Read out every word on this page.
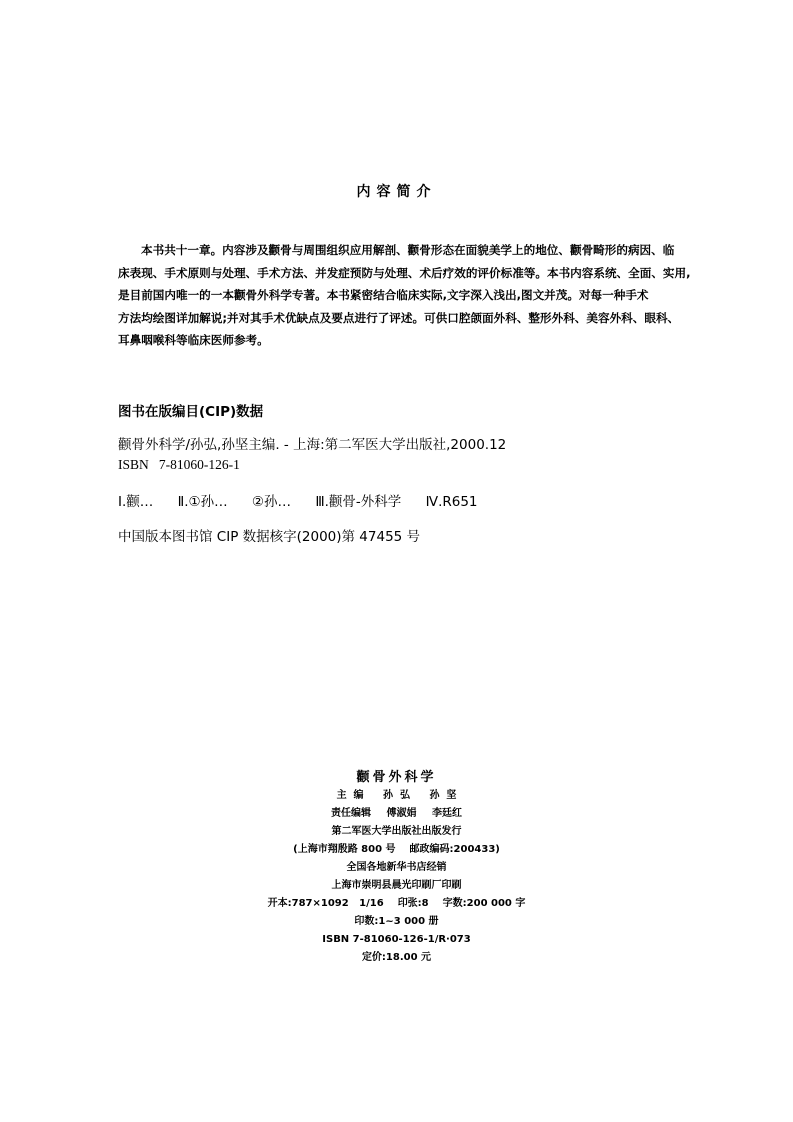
内容简介
本书共十一章。内容涉及颧骨与周围组织应用解剖、颧骨形态在面貌美学上的地位、颧骨畸形的病因、临
床表现、手术原则与处理、手术方法、并发症预防与处理、术后疗效的评价标准等。本书内容系统、全面、实用,
是目前国内唯一的一本颧骨外科学专著。本书紧密结合临床实际,文字深入浅出,图文并茂。对每一种手术
方法均绘图详加解说;并对其手术优缺点及要点进行了评述。可供口腔颌面外科、整形外科、美容外科、眼科、
耳鼻咽喉科等临床医师参考。
图书在版编目(CIP)数据
颧骨外科学/孙弘,孙坚主编. - 上海:第二军医大学出版社,2000.12
ISBN   7-81060-126-1
Ⅰ.颧… Ⅱ.①孙… ②孙… Ⅲ.颧骨-外科学 Ⅳ.R651
中国版本图书馆 CIP 数据核字(2000)第 47455 号
颧骨外科学
主  编 孙  弘 孙  坚
责任编辑 傅淑娟 李廷红
第二军医大学出版社出版发行
(上海市翔殷路 800 号 邮政编码:200433)
全国各地新华书店经销
上海市崇明县晨光印刷厂印刷
开本:787×1092   1/16 印张:8 字数:200 000 字
印数:1~3 000 册
ISBN 7-81060-126-1/R·073
定价:18.00 元
